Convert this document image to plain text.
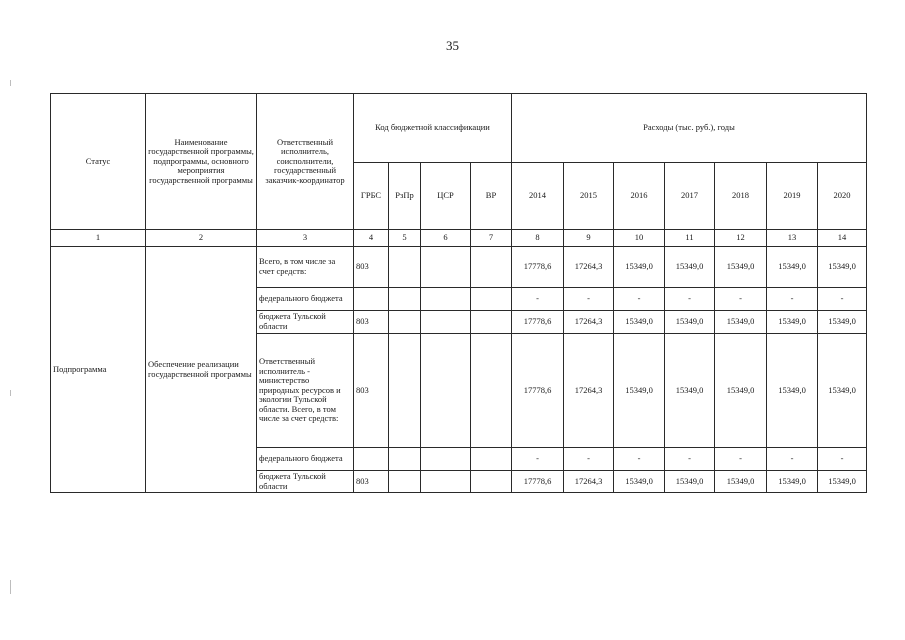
35
Статус	Наименование государственной программы, подпрограммы, основного мероприятия государственной программы	Ответственный исполнитель, соисполнители, государственный заказчик-координатор	Код бюджетной классификации				Расходы (тыс. руб.), годы						
			ГРБС	РзПр	ЦСР	ВР	2014	2015	2016	2017	2018	2019	2020
1	2	3	4	5	6	7	8	9	10	11	12	13	14
Подпрограмма	Обеспечение реализации государственной программы	Всего, в том числе за счет средств:	803				17778,6	17264,3	15349,0	15349,0	15349,0	15349,0	15349,0
		федерального бюджета					-	-	-	-	-	-	-
		бюджета Тульской области	803				17778,6	17264,3	15349,0	15349,0	15349,0	15349,0	15349,0
		Ответственный исполнитель - министерство природных ресурсов и экологии Тульской области. Всего, в том числе за счет средств:	803				17778,6	17264,3	15349,0	15349,0	15349,0	15349,0	15349,0
		федерального бюджета					-	-	-	-	-	-	-
		бюджета Тульской области	803				17778,6	17264,3	15349,0	15349,0	15349,0	15349,0	15349,0
